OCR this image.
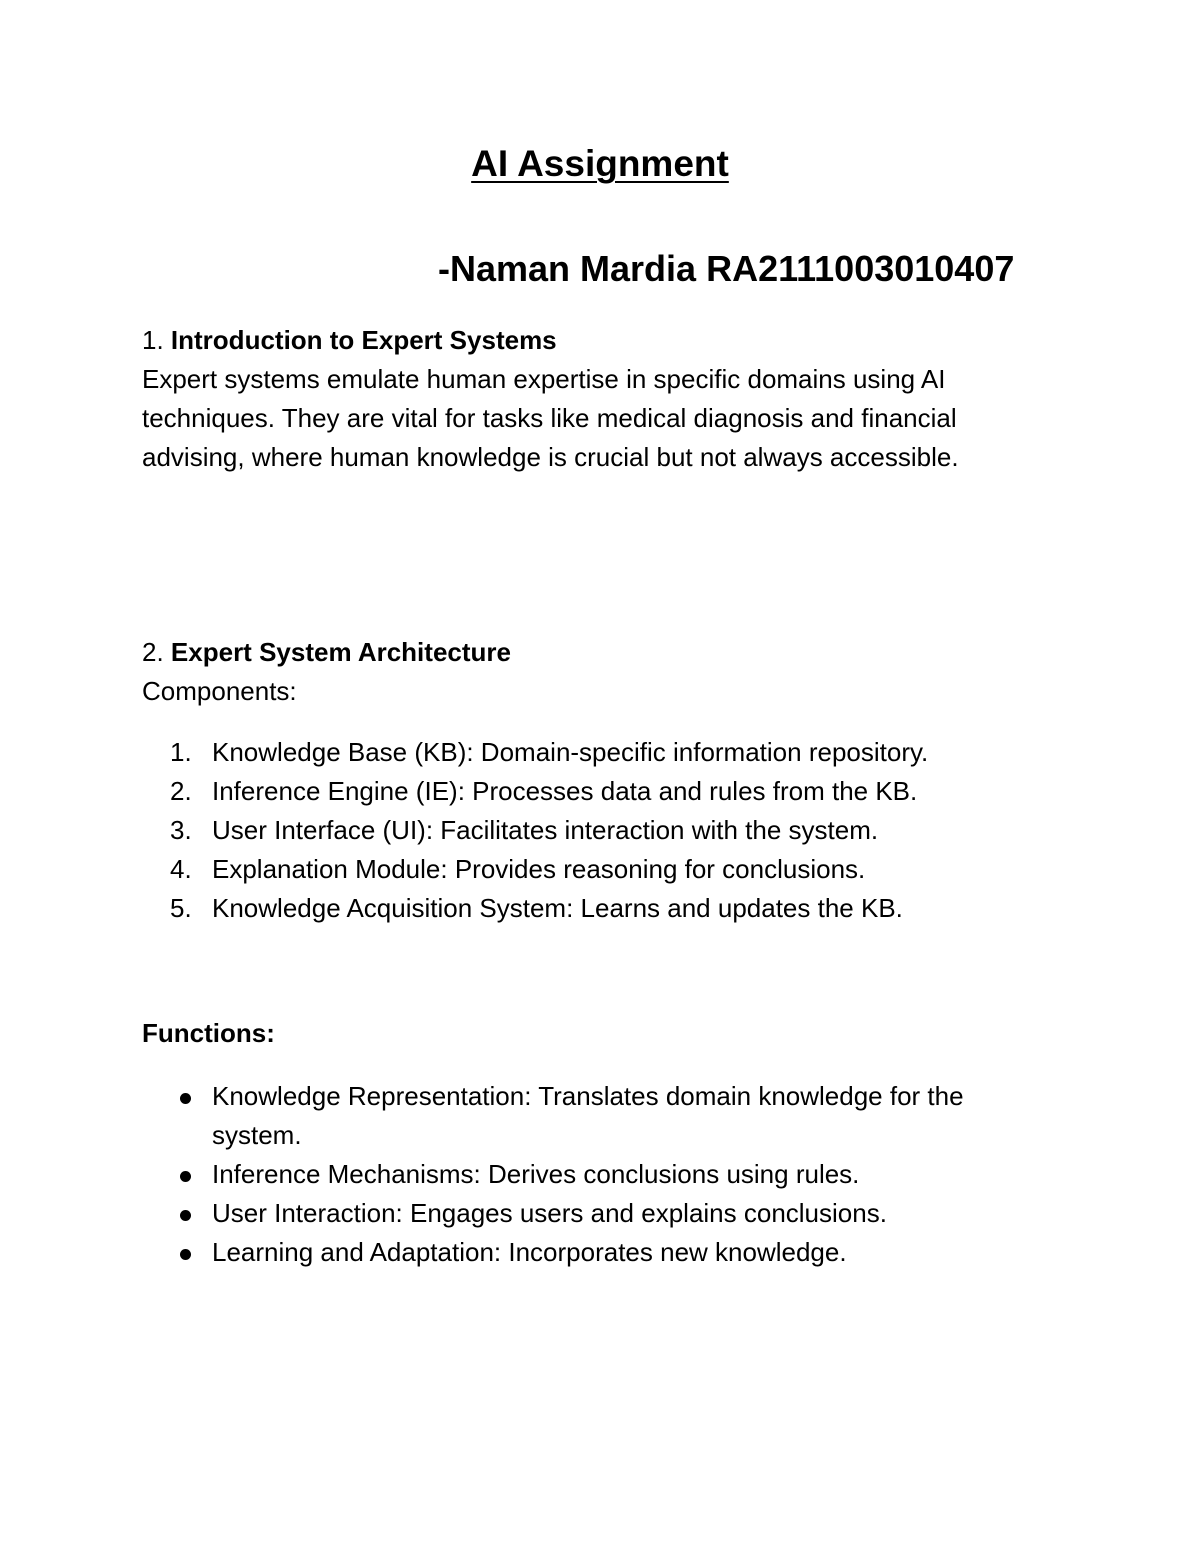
AI Assignment
-Naman Mardia RA2111003010407
1. Introduction to Expert Systems

Expert systems emulate human expertise in specific domains using AI techniques. They are vital for tasks like medical diagnosis and financial advising, where human knowledge is crucial but not always accessible.

2. Expert System Architecture
Components:
1. Knowledge Base (KB): Domain-specific information repository.
2. Inference Engine (IE): Processes data and rules from the KB.
3. User Interface (UI): Facilitates interaction with the system.
4. Explanation Module: Provides reasoning for conclusions.
5. Knowledge Acquisition System: Learns and updates the KB.
Functions:
Knowledge Representation: Translates domain knowledge for the system.
Inference Mechanisms: Derives conclusions using rules.
User Interaction: Engages users and explains conclusions.
Learning and Adaptation: Incorporates new knowledge.
